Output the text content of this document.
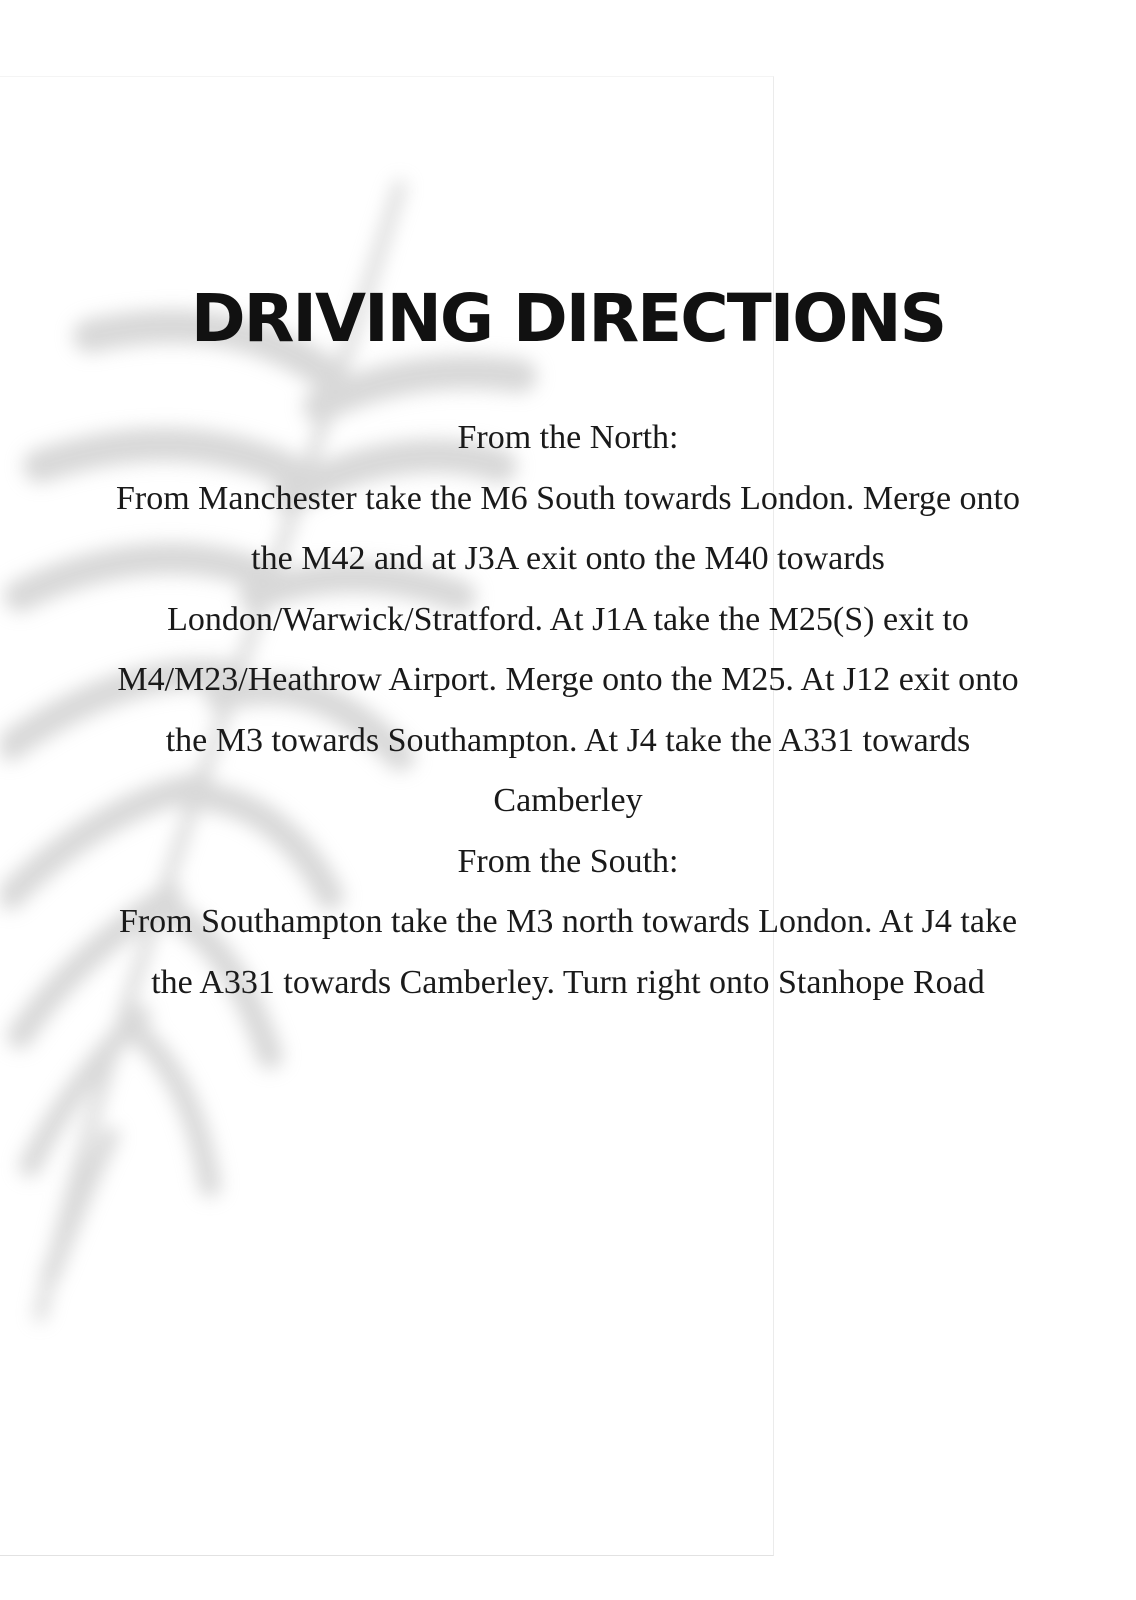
DRIVING DIRECTIONS

From the North:

From Manchester take the M6 South towards London. Merge onto the M42 and at J3A exit onto the M40 towards London/Warwick/Stratford. At J1A take the M25(S) exit to M4/M23/Heathrow Airport. Merge onto the M25. At J12 exit onto the M3 towards Southampton. At J4 take the A331 towards Camberley

From the South:

From Southampton take the M3 north towards London. At J4 take the A331 towards Camberley. Turn right onto Stanhope Road
